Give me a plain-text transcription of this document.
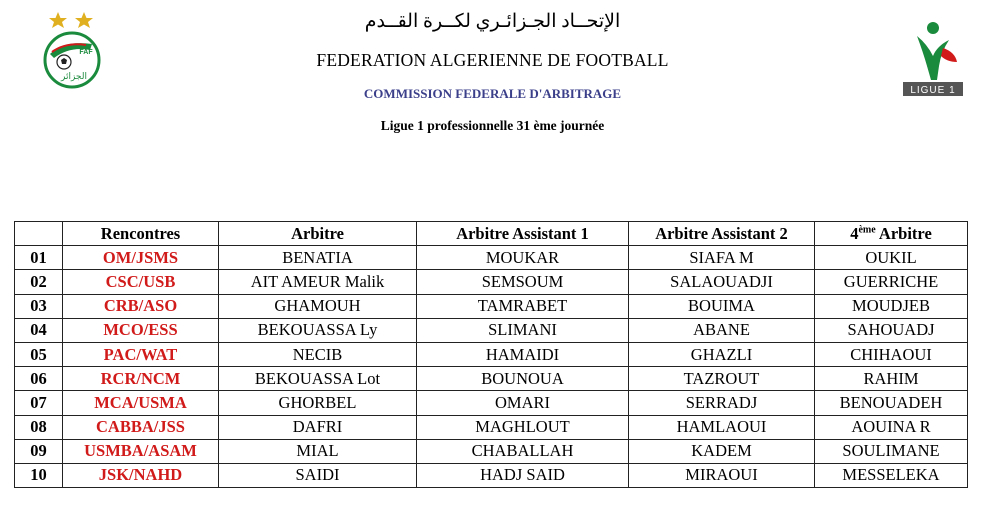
FAF
الجزائر
LIGUE 1
الإتحــاد الجـزائـري لكــرة القــدم
FEDERATION ALGERIENNE DE FOOTBALL
COMMISSION FEDERALE D'ARBITRAGE
Ligue 1 professionnelle 31 ème journée
	Rencontres	Arbitre	Arbitre Assistant 1	Arbitre Assistant 2	4ème Arbitre
01	OM/JSMS	BENATIA	MOUKAR	SIAFA M	OUKIL
02	CSC/USB	AIT AMEUR Malik	SEMSOUM	SALAOUADJI	GUERRICHE
03	CRB/ASO	GHAMOUH	TAMRABET	BOUIMA	MOUDJEB
04	MCO/ESS	BEKOUASSA Ly	SLIMANI	ABANE	SAHOUADJ
05	PAC/WAT	NECIB	HAMAIDI	GHAZLI	CHIHAOUI
06	RCR/NCM	BEKOUASSA Lot	BOUNOUA	TAZROUT	RAHIM
07	MCA/USMA	GHORBEL	OMARI	SERRADJ	BENOUADEH
08	CABBA/JSS	DAFRI	MAGHLOUT	HAMLAOUI	AOUINA R
09	USMBA/ASAM	MIAL	CHABALLAH	KADEM	SOULIMANE
10	JSK/NAHD	SAIDI	HADJ SAID	MIRAOUI	MESSELEKA
